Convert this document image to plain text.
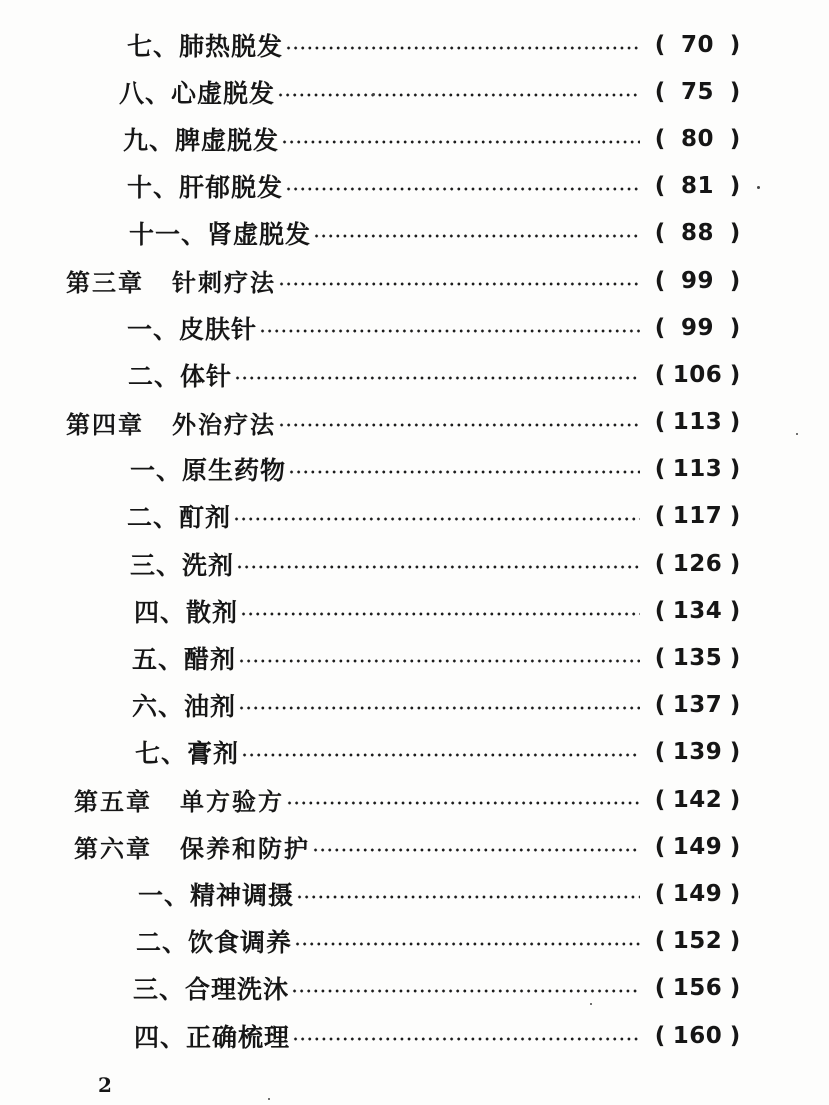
七、肺热脱发	( 70 )
八、心虚脱发	( 75 )
九、脾虚脱发	( 80 )
十、肝郁脱发	( 81 )
十一、肾虚脱发	( 88 )
第三章 针刺疗法	( 99 )
一、皮肤针	( 99 )
二、体针	( 106 )
第四章 外治疗法	( 113 )
一、原生药物	( 113 )
二、酊剂	( 117 )
三、洗剂	( 126 )
四、散剂	( 134 )
五、醋剂	( 135 )
六、油剂	( 137 )
七、膏剂	( 139 )
第五章 单方验方	( 142 )
第六章 保养和防护	( 149 )
一、精神调摄	( 149 )
二、饮食调养	( 152 )
三、合理洗沐	( 156 )
四、正确梳理	( 160 )
2
